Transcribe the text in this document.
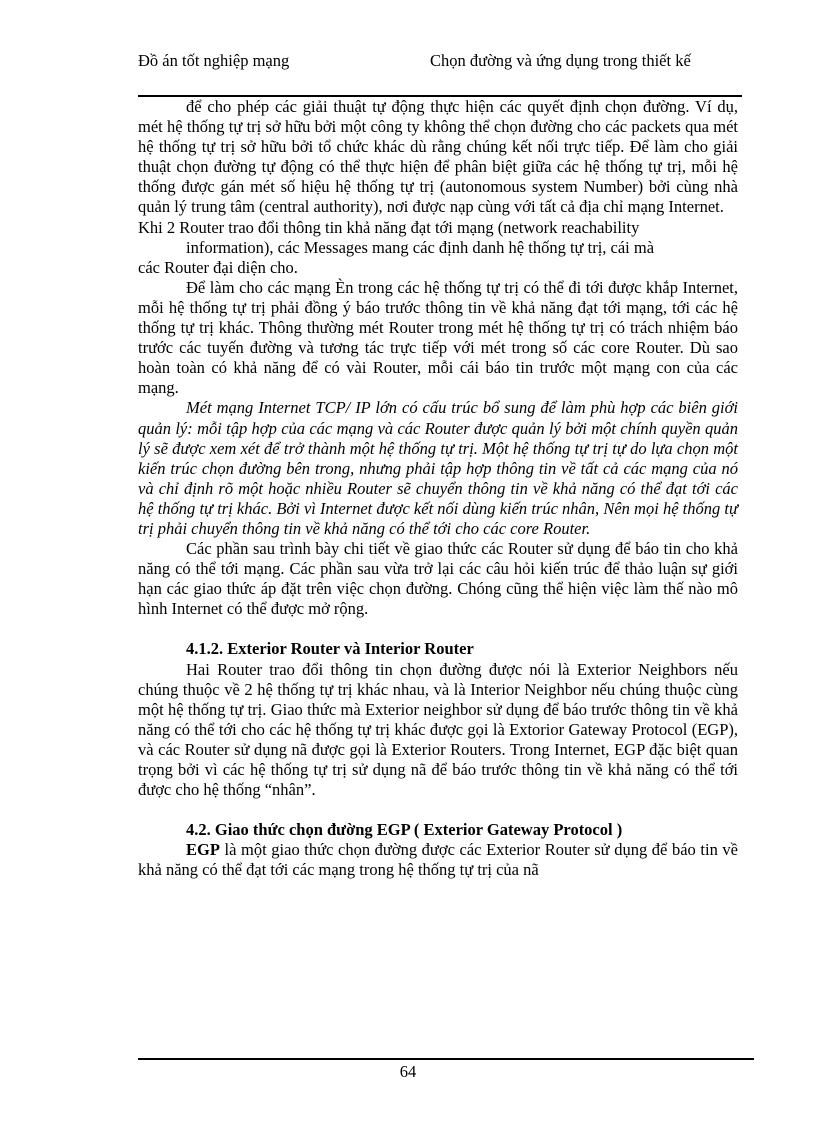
Đồ án tốt nghiệp mạng	Chọn đường và ứng dụng trong thiết kế

để cho phép các giải thuật tự động thực hiện các quyết định chọn đường. Ví dụ, mét hệ thống tự trị sở hữu bởi một công ty không thể chọn đường cho các packets qua mét hệ thống tự trị sở hữu bởi tổ chức khác dù rằng chúng kết nối trực tiếp. Để làm cho giải thuật chọn đường tự động có thể thực hiện để phân biệt giữa các hệ thống tự trị, mỗi hệ thống được gán mét số hiệu hệ thống tự trị (autonomous system Number) bởi cùng nhà quản lý trung tâm (central authority), nơi được nạp cùng với tất cả địa chỉ mạng Internet.

Khi 2 Router trao đổi thông tin khả năng đạt tới mạng (network reachability

information), các Messages mang các định danh hệ thống tự trị, cái mà

các Router đại diện cho.

Để làm cho các mạng Èn trong các hệ thống tự trị có thể đi tới được khắp Internet, mỗi hệ thống tự trị phải đồng ý báo trước thông tin về khả năng đạt tới mạng, tới các hệ thống tự trị khác. Thông thường mét Router trong mét hệ thống tự trị có trách nhiệm báo trước các tuyến đường và tương tác trực tiếp với mét trong số các core Router. Dù sao hoàn toàn có khả năng để có vài Router, mỗi cái báo tin trước một mạng con của các mạng.

Mét mạng Internet TCP/ IP lớn có cấu trúc bổ sung để làm phù hợp các biên giới quản lý: mỗi tập hợp của các mạng và các Router được quản lý bởi một chính quyền quản lý sẽ được xem xét để trở thành một hệ thống tự trị. Một hệ thống tự trị tự do lựa chọn một kiến trúc chọn đường bên trong, nhưng phải tập hợp thông tin về tất cả các mạng của nó và chỉ định rõ một hoặc nhiều Router sẽ chuyển thông tin về khả năng có thể đạt tới các hệ thống tự trị khác. Bởi vì Internet được kết nối dùng kiến trúc nhân, Nên mọi hệ thống tự trị phải chuyển thông tin về khả năng có thể tới cho các core Router.

Các phần sau trình bày chi tiết về giao thức các Router sử dụng để báo tin cho khả năng có thể tới mạng. Các phần sau vừa trở lại các câu hỏi kiến trúc để thảo luận sự giới hạn các giao thức áp đặt trên việc chọn đường. Chóng cũng thể hiện việc làm thế nào mô hình Internet có thể được mở rộng.

4.1.2. Exterior Router và Interior Router

Hai Router trao đổi thông tin chọn đường được nói là Exterior Neighbors nếu chúng thuộc về 2 hệ thống tự trị khác nhau, và là Interior Neighbor nếu chúng thuộc cùng một hệ thống tự trị. Giao thức mà Exterior neighbor sử dụng để báo trước thông tin về khả năng có thể tới cho các hệ thống tự trị khác được gọi là Extorior Gateway Protocol (EGP), và các Router sử dụng nã được gọi là Exterior Routers. Trong Internet, EGP đặc biệt quan trọng bởi vì các hệ thống tự trị sử dụng nã để báo trước thông tin về khả năng có thể tới được cho hệ thống “nhân”.

4.2. Giao thức chọn đường EGP ( Exterior Gateway Protocol )

EGP là một giao thức chọn đường được các Exterior Router sử dụng để báo tin về khả năng có thể đạt tới các mạng trong hệ thống tự trị của nã

64
